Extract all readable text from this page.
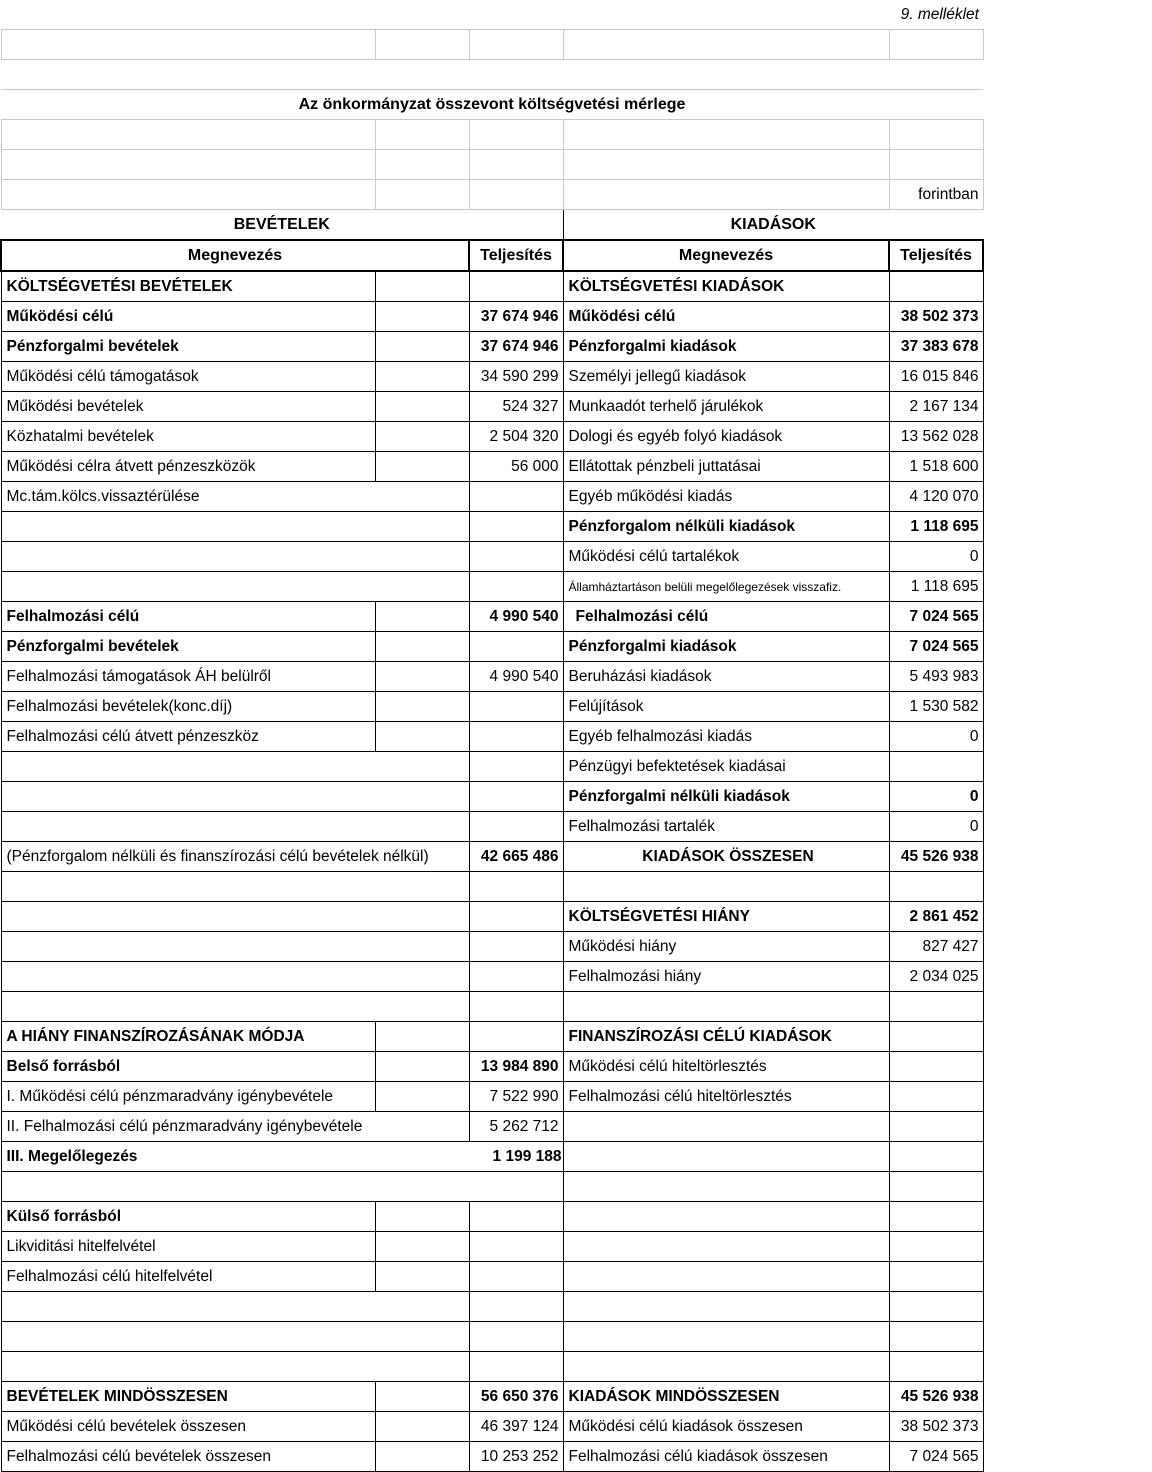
9. melléklet				

Az önkormányzat összevont költségvetési mérlege				

				forintban
BEVÉTELEK			KIADÁSOK	
Megnevezés		Teljesítés	Megnevezés	Teljesítés
KÖLTSÉGVETÉSI BEVÉTELEK			KÖLTSÉGVETÉSI KIADÁSOK	
Működési célú		37 674 946	Működési célú	38 502 373
Pénzforgalmi bevételek		37 674 946	Pénzforgalmi kiadások	37 383 678
Működési célú támogatások		34 590 299	Személyi jellegű kiadások	16 015 846
Működési bevételek		524 327	Munkaadót terhelő járulékok	2 167 134
Közhatalmi bevételek		2 504 320	Dologi és egyéb folyó kiadások	13 562 028
Működési célra átvett pénzeszközök		56 000	Ellátottak pénzbeli juttatásai	1 518 600
Mc.tám.kölcs.vissaztérülése			Egyéb működési kiadás	4 120 070
			Pénzforgalom nélküli kiadások	1 118 695
			Működési célú tartalékok	0
			Államháztartáson belüli megelőlegezések visszafiz.	1 118 695
Felhalmozási célú		4 990 540	Felhalmozási célú	7 024 565
Pénzforgalmi bevételek			Pénzforgalmi kiadások	7 024 565
Felhalmozási támogatások ÁH belülről		4 990 540	Beruházási kiadások	5 493 983
Felhalmozási bevételek(konc.díj)			Felújítások	1 530 582
Felhalmozási célú átvett pénzeszköz			Egyéb felhalmozási kiadás	0
			Pénzügyi befektetések kiadásai	
			Pénzforgalmi nélküli kiadások	0
			Felhalmozási tartalék	0
(Pénzforgalom nélküli és finanszírozási célú bevételek nélkül)		42 665 486	KIADÁSOK ÖSSZESEN	45 526 938

			KÖLTSÉGVETÉSI HIÁNY	2 861 452
			Működési hiány	827 427
			Felhalmozási hiány	2 034 025

A HIÁNY FINANSZÍROZÁSÁNAK MÓDJA			FINANSZÍROZÁSI CÉLÚ KIADÁSOK	
Belső forrásból		13 984 890	Működési célú hiteltörlesztés	
I. Működési célú pénzmaradvány igénybevétele		7 522 990	Felhalmozási célú hiteltörlesztés	
II. Felhalmozási célú pénzmaradvány igénybevétele		5 262 712		

III. Megelőlegezés 1 199 188				

Külső forrásból				
Likviditási hitelfelvétel				
Felhalmozási célú hitelfelvétel				

BEVÉTELEK MINDÖSSZESEN		56 650 376	KIADÁSOK MINDÖSSZESEN	45 526 938
Működési célú bevételek összesen		46 397 124	Működési célú kiadások összesen	38 502 373
Felhalmozási célú bevételek összesen		10 253 252	Felhalmozási célú kiadások összesen	7 024 565
